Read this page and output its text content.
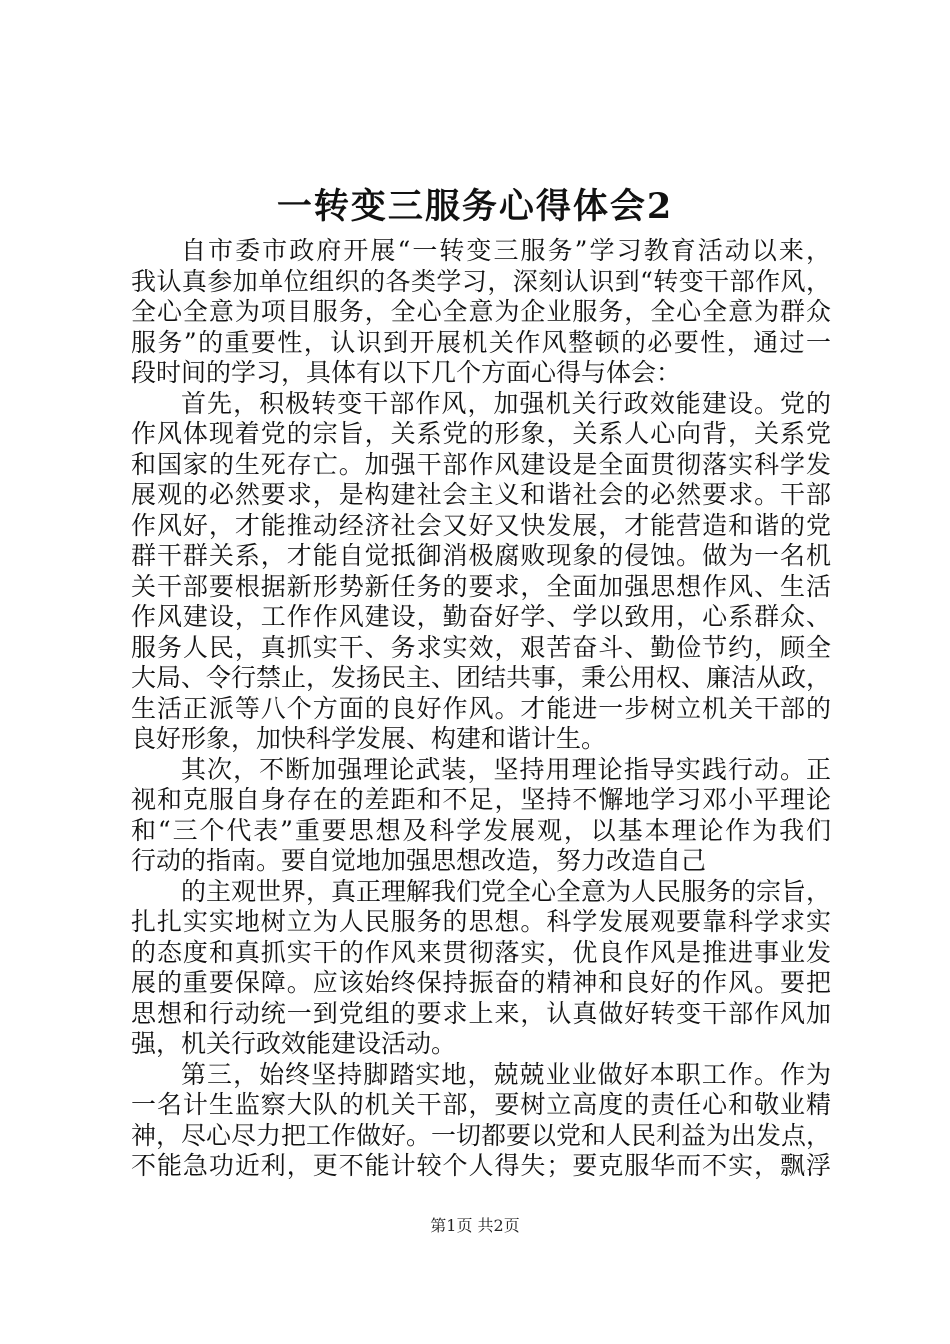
一转变三服务心得体会2
自市委市政府开展“一转变三服务”学习教育活动以来，
我认真参加单位组织的各类学习，深刻认识到“转变干部作风，
全心全意为项目服务，全心全意为企业服务，全心全意为群众
服务”的重要性，认识到开展机关作风整顿的必要性，通过一
段时间的学习，具体有以下几个方面心得与体会：
首先，积极转变干部作风，加强机关行政效能建设。党的
作风体现着党的宗旨，关系党的形象，关系人心向背，关系党
和国家的生死存亡。加强干部作风建设是全面贯彻落实科学发
展观的必然要求，是构建社会主义和谐社会的必然要求。干部
作风好，才能推动经济社会又好又快发展，才能营造和谐的党
群干群关系，才能自觉抵御消极腐败现象的侵蚀。做为一名机
关干部要根据新形势新任务的要求，全面加强思想作风、生活
作风建设，工作作风建设，勤奋好学、学以致用，心系群众、
服务人民，真抓实干、务求实效，艰苦奋斗、勤俭节约，顾全
大局、令行禁止，发扬民主、团结共事，秉公用权、廉洁从政，
生活正派等八个方面的良好作风。才能进一步树立机关干部的
良好形象，加快科学发展、构建和谐计生。
其次，不断加强理论武装，坚持用理论指导实践行动。正
视和克服自身存在的差距和不足，坚持不懈地学习邓小平理论
和“三个代表”重要思想及科学发展观，以基本理论作为我们
行动的指南。要自觉地加强思想改造，努力改造自己
的主观世界，真正理解我们党全心全意为人民服务的宗旨，
扎扎实实地树立为人民服务的思想。科学发展观要靠科学求实
的态度和真抓实干的作风来贯彻落实，优良作风是推进事业发
展的重要保障。应该始终保持振奋的精神和良好的作风。要把
思想和行动统一到党组的要求上来，认真做好转变干部作风加
强，机关行政效能建设活动。
第三，始终坚持脚踏实地，兢兢业业做好本职工作。作为
一名计生监察大队的机关干部，要树立高度的责任心和敬业精
神，尽心尽力把工作做好。一切都要以党和人民利益为出发点，
不能急功近利，更不能计较个人得失；要克服华而不实，飘浮
第1页 共2页
